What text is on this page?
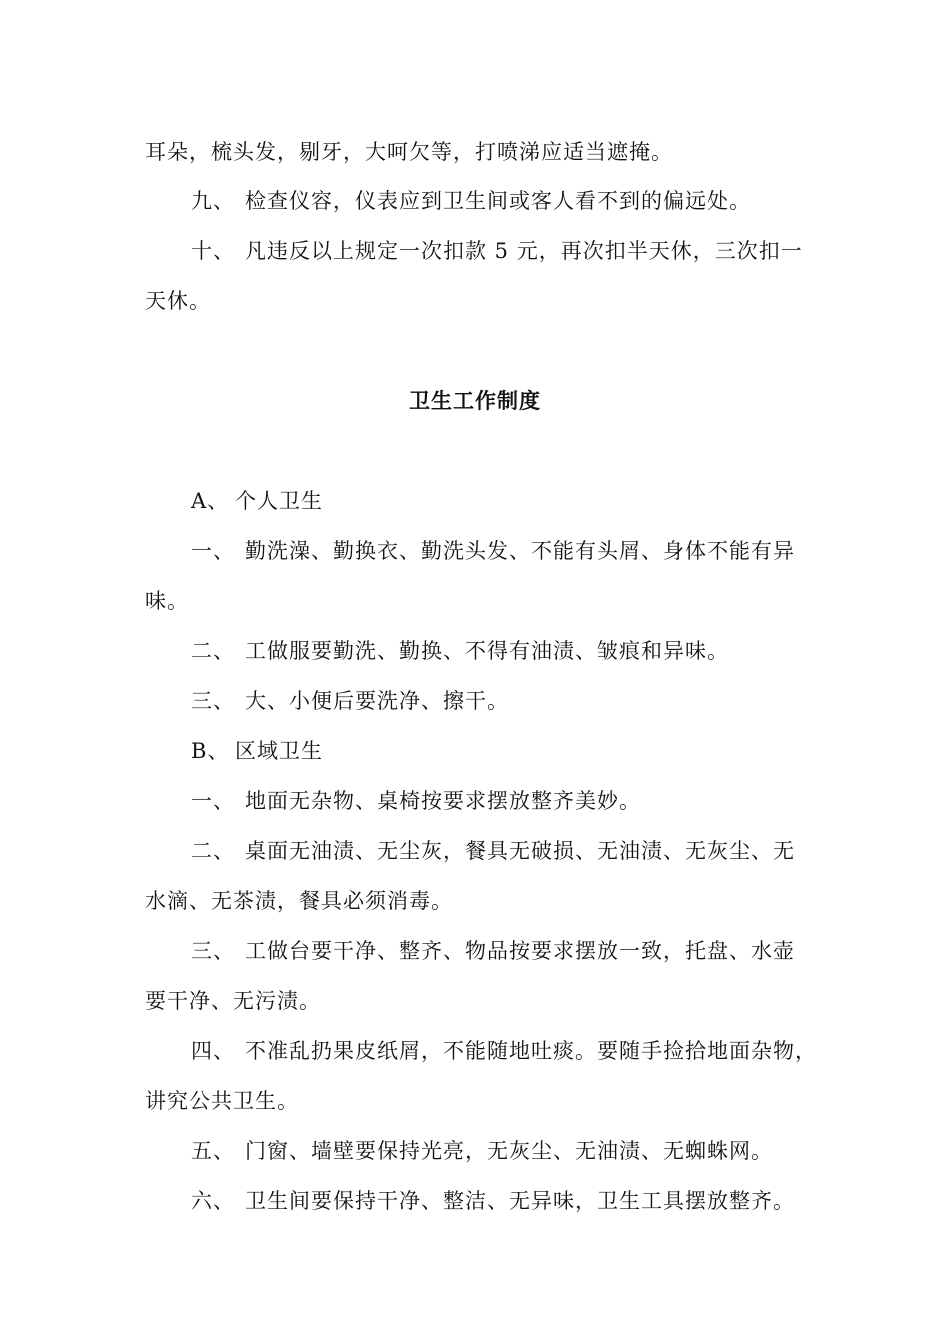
耳朵，梳头发，剔牙，大呵欠等，打喷涕应适当遮掩。
九、 检查仪容，仪表应到卫生间或客人看不到的偏远处。
十、 凡违反以上规定一次扣款 5 元，再次扣半天休，三次扣一
天休。
卫生工作制度
A、 个人卫生
一、 勤洗澡、勤换衣、勤洗头发、不能有头屑、身体不能有异
味。
二、 工做服要勤洗、勤换、不得有油渍、皱痕和异味。
三、 大、小便后要洗净、擦干。
B、 区域卫生
一、 地面无杂物、桌椅按要求摆放整齐美妙。
二、 桌面无油渍、无尘灰，餐具无破损、无油渍、无灰尘、无
水滴、无茶渍，餐具必须消毒。
三、 工做台要干净、整齐、物品按要求摆放一致，托盘、水壶
要干净、无污渍。
四、 不准乱扔果皮纸屑，不能随地吐痰。要随手捡拾地面杂物，
讲究公共卫生。
五、 门窗、墙壁要保持光亮，无灰尘、无油渍、无蜘蛛网。
六、 卫生间要保持干净、整洁、无异味，卫生工具摆放整齐。
